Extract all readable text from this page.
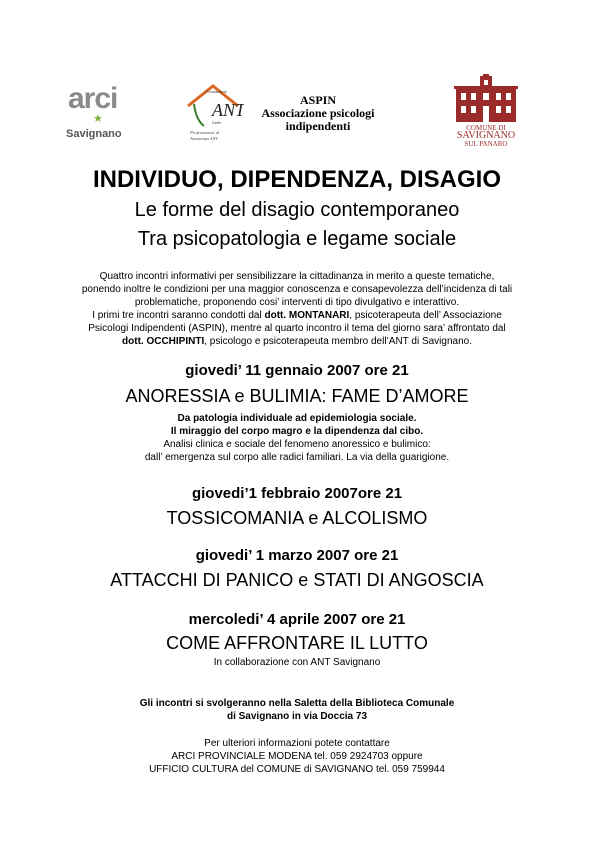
arci
★
Savignano
ANT
Fondazione
Delle
Professionisti al
Assistenza ANT
ASPIN
Associazione psicologi
indipendenti	COMUNE DI
SAVIGNANO
SUL PANARO
INDIVIDUO, DIPENDENZA, DISAGIO
Le forme del disagio contemporaneo
Tra psicopatologia e legame sociale
Quattro incontri informativi per sensibilizzare la cittadinanza in merito a queste tematiche,
ponendo inoltre le condizioni per una maggior conoscenza e consapevolezza dell’incidenza di tali
problematiche, proponendo cosi’ interventi di tipo divulgativo e interattivo.
I primi tre incontri saranno condotti dal dott. MONTANARI, psicoterapeuta dell’ Associazione
Psicologi Indipendenti (ASPIN), mentre al quarto incontro il tema del giorno sara’ affrontato dal
dott. OCCHIPINTI, psicologo e psicoterapeuta membro dell’ANT di Savignano.
giovedi’ 11 gennaio 2007 ore 21
ANORESSIA e BULIMIA: FAME D’AMORE
Da patologia individuale ad epidemiologia sociale.
Il miraggio del corpo magro e la dipendenza dal cibo.
Analisi clinica e sociale del fenomeno anoressico e bulimico:
dall’ emergenza sul corpo alle radici familiari. La via della guarigione.
giovedi’1 febbraio 2007ore 21
TOSSICOMANIA e ALCOLISMO
giovedi’ 1 marzo 2007 ore 21
ATTACCHI DI PANICO e STATI DI ANGOSCIA
mercoledi’ 4 aprile 2007 ore 21
COME AFFRONTARE IL LUTTO
In collaborazione con ANT Savignano
Gli incontri si svolgeranno nella Saletta della Biblioteca Comunale
di Savignano in via Doccia 73
Per ulteriori informazioni potete contattare
ARCI PROVINCIALE MODENA tel. 059 2924703 oppure
UFFICIO CULTURA del COMUNE di SAVIGNANO tel. 059 759944
